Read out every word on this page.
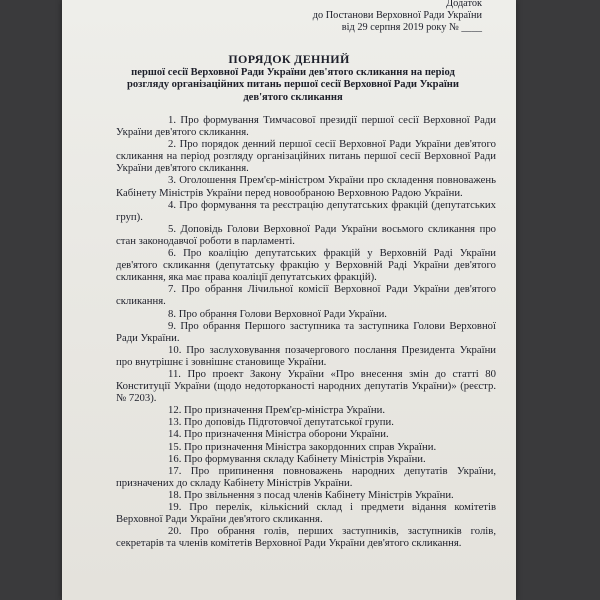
Додаток
до Постанови Верховної Ради України
від 29 серпня 2019 року № ____
ПОРЯДОК ДЕННИЙ
першої сесії Верховної Ради України дев'ятого скликання на період розгляду організаційних питань першої сесії Верховної Ради України дев'ятого скликання

1. Про формування Тимчасової президії першої сесії Верховної Ради України дев'ятого скликання.

2. Про порядок денний першої сесії Верховної Ради України дев'ятого скликання на період розгляду організаційних питань першої сесії Верховної Ради України дев'ятого скликання.

3. Оголошення Прем'єр-міністром України про складення повноважень Кабінету Міністрів України перед новообраною Верховною Радою України.

4. Про формування та реєстрацію депутатських фракцій (депутатських груп).

5. Доповідь Голови Верховної Ради України восьмого скликання про стан законодавчої роботи в парламенті.

6. Про коаліцію депутатських фракцій у Верховній Раді України дев'ятого скликання (депутатську фракцію у Верховній Раді України дев'ятого скликання, яка має права коаліції депутатських фракцій).

7. Про обрання Лічильної комісії Верховної Ради України дев'ятого скликання.

8. Про обрання Голови Верховної Ради України.

9. Про обрання Першого заступника та заступника Голови Верховної Ради України.

10. Про заслуховування позачергового послання Президента України про внутрішнє і зовнішнє становище України.

11. Про проект Закону України «Про внесення змін до статті 80 Конституції України (щодо недоторканості народних депутатів України)» (реєстр. № 7203).

12. Про призначення Прем'єр-міністра України.

13. Про доповідь Підготовчої депутатської групи.

14. Про призначення Міністра оборони України.

15. Про призначення Міністра закордонних справ України.

16. Про формування складу Кабінету Міністрів України.

17. Про припинення повноважень народних депутатів України, призначених до складу Кабінету Міністрів України.

18. Про звільнення з посад членів Кабінету Міністрів України.

19. Про перелік, кількісний склад і предмети відання комітетів Верховної Ради України дев'ятого скликання.

20. Про обрання голів, перших заступників, заступників голів, секретарів та членів комітетів Верховної Ради України дев'ятого скликання.
